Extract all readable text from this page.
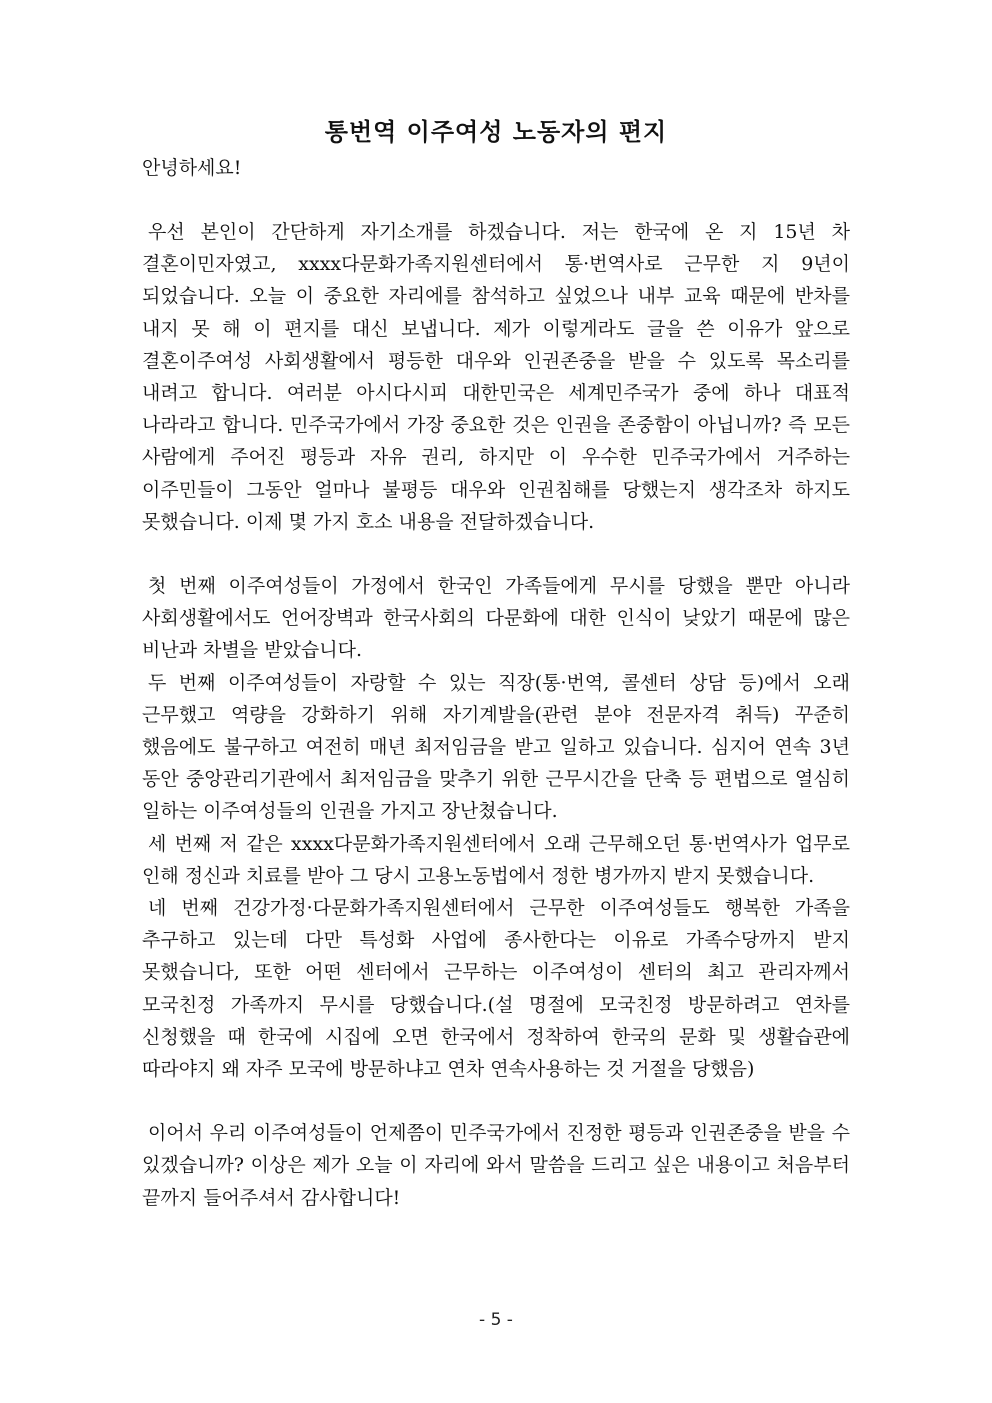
통번역 이주여성 노동자의 편지

안녕하세요!

우선 본인이 간단하게 자기소개를 하겠습니다. 저는 한국에 온 지 15년 차 결혼이민자였고, xxxx다문화가족지원센터에서 통·번역사로 근무한 지 9년이 되었습니다. 오늘 이 중요한 자리에를 참석하고 싶었으나 내부 교육 때문에 반차를 내지 못 해 이 편지를 대신 보냅니다. 제가 이렇게라도 글을 쓴 이유가 앞으로 결혼이주여성 사회생활에서 평등한 대우와 인권존중을 받을 수 있도록 목소리를 내려고 합니다. 여러분 아시다시피 대한민국은 세계민주국가 중에 하나 대표적 나라라고 합니다. 민주국가에서 가장 중요한 것은 인권을 존중함이 아닙니까? 즉 모든 사람에게 주어진 평등과 자유 권리, 하지만 이 우수한 민주국가에서 거주하는 이주민들이 그동안 얼마나 불평등 대우와 인권침해를 당했는지 생각조차 하지도 못했습니다. 이제 몇 가지 호소 내용을 전달하겠습니다.

첫 번째 이주여성들이 가정에서 한국인 가족들에게 무시를 당했을 뿐만 아니라 사회생활에서도 언어장벽과 한국사회의 다문화에 대한 인식이 낮았기 때문에 많은 비난과 차별을 받았습니다.

두 번째 이주여성들이 자랑할 수 있는 직장(통·번역, 콜센터 상담 등)에서 오래 근무했고 역량을 강화하기 위해 자기계발을(관련 분야 전문자격 취득) 꾸준히 했음에도 불구하고 여전히 매년 최저임금을 받고 일하고 있습니다. 심지어 연속 3년 동안 중앙관리기관에서 최저임금을 맞추기 위한 근무시간을 단축 등 편법으로 열심히 일하는 이주여성들의 인권을 가지고 장난쳤습니다.

세 번째 저 같은 xxxx다문화가족지원센터에서 오래 근무해오던 통·번역사가 업무로 인해 정신과 치료를 받아 그 당시 고용노동법에서 정한 병가까지 받지 못했습니다.

네 번째 건강가정·다문화가족지원센터에서 근무한 이주여성들도 행복한 가족을 추구하고 있는데 다만 특성화 사업에 종사한다는 이유로 가족수당까지 받지 못했습니다, 또한 어떤 센터에서 근무하는 이주여성이 센터의 최고 관리자께서 모국친정 가족까지 무시를 당했습니다.(설 명절에 모국친정 방문하려고 연차를 신청했을 때 한국에 시집에 오면 한국에서 정착하여 한국의 문화 및 생활습관에 따라야지 왜 자주 모국에 방문하냐고 연차 연속사용하는 것 거절을 당했음)

이어서 우리 이주여성들이 언제쯤이 민주국가에서 진정한 평등과 인권존중을 받을 수 있겠습니까? 이상은 제가 오늘 이 자리에 와서 말씀을 드리고 싶은 내용이고 처음부터 끝까지 들어주셔서 감사합니다!

- 5 -
